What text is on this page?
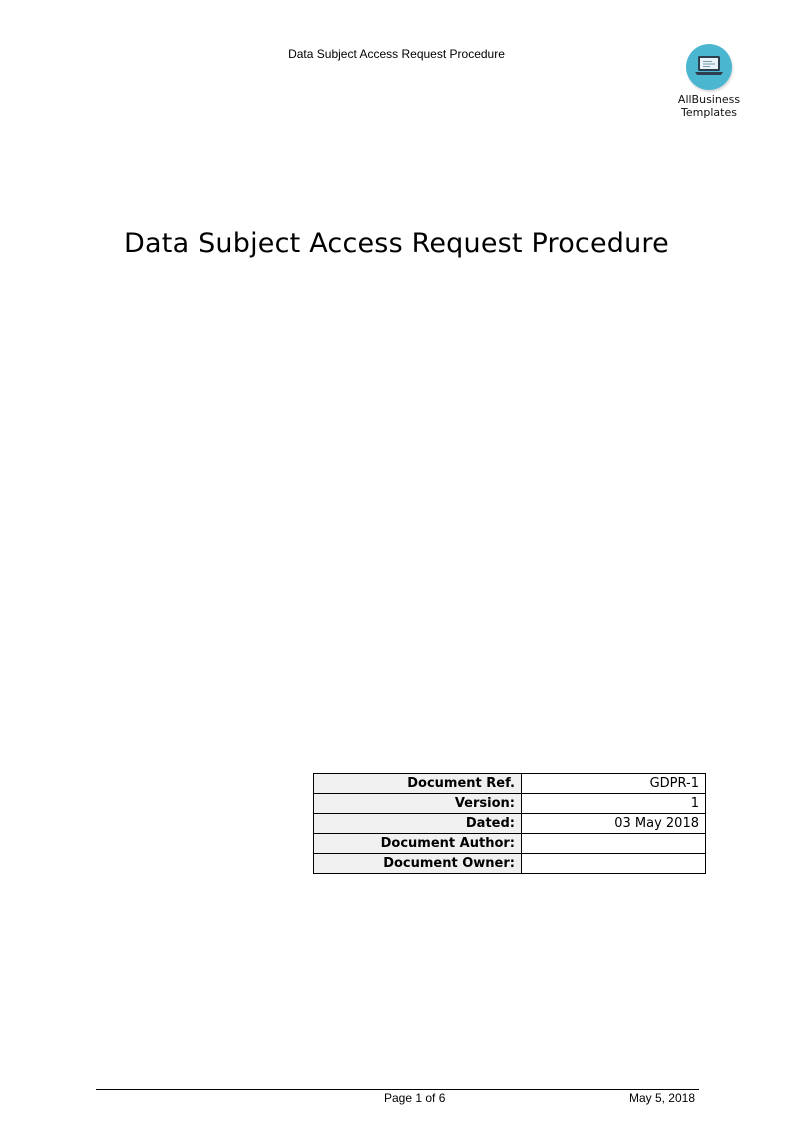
Data Subject Access Request Procedure
AllBusiness
Templates
Data Subject Access Request Procedure
Document Ref.	GDPR-1
Version:	1
Dated:	03 May 2018
Document Author:	
Document Owner:	
Page 1 of 6	May 5, 2018
